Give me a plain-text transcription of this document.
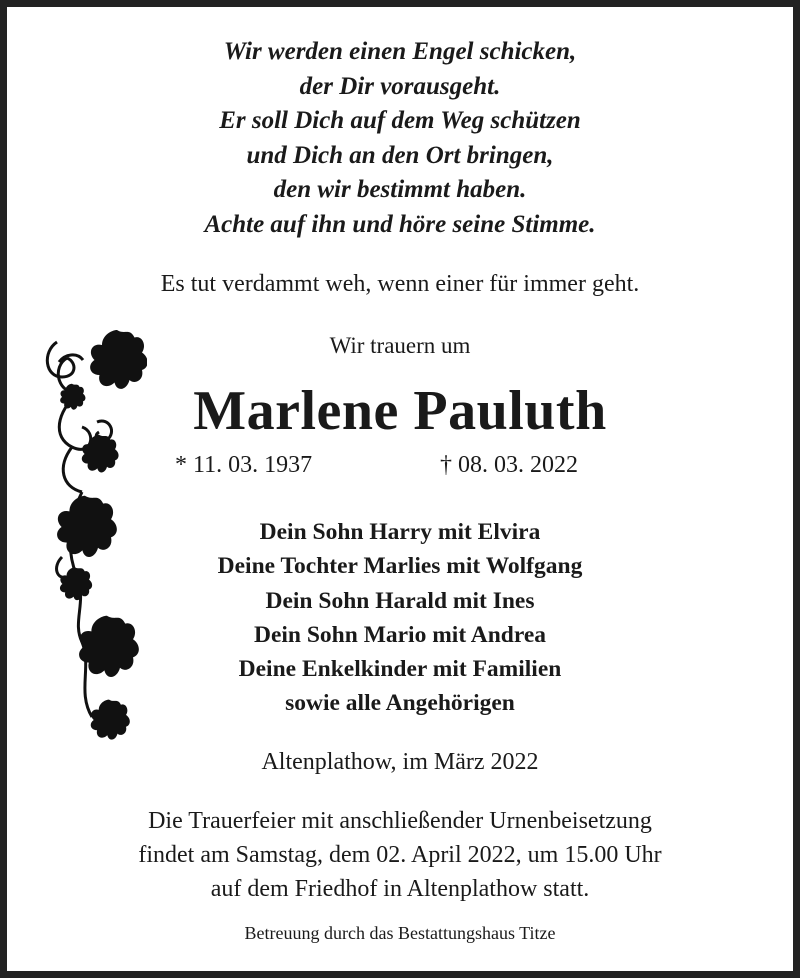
Wir werden einen Engel schicken,
der Dir vorausgeht.
Er soll Dich auf dem Weg schützen
und Dich an den Ort bringen,
den wir bestimmt haben.
Achte auf ihn und höre seine Stimme.
Es tut verdammt weh, wenn einer für immer geht.
Wir trauern um
Marlene Pauluth
* 11. 03. 1937	† 08. 03. 2022
Dein Sohn Harry mit Elvira
Deine Tochter Marlies mit Wolfgang
Dein Sohn Harald mit Ines
Dein Sohn Mario mit Andrea
Deine Enkelkinder mit Familien
sowie alle Angehörigen
Altenplathow, im März 2022
Die Trauerfeier mit anschließender Urnenbeisetzung
findet am Samstag, dem 02. April 2022, um 15.00 Uhr
auf dem Friedhof in Altenplathow statt.
Betreuung durch das Bestattungshaus Titze
